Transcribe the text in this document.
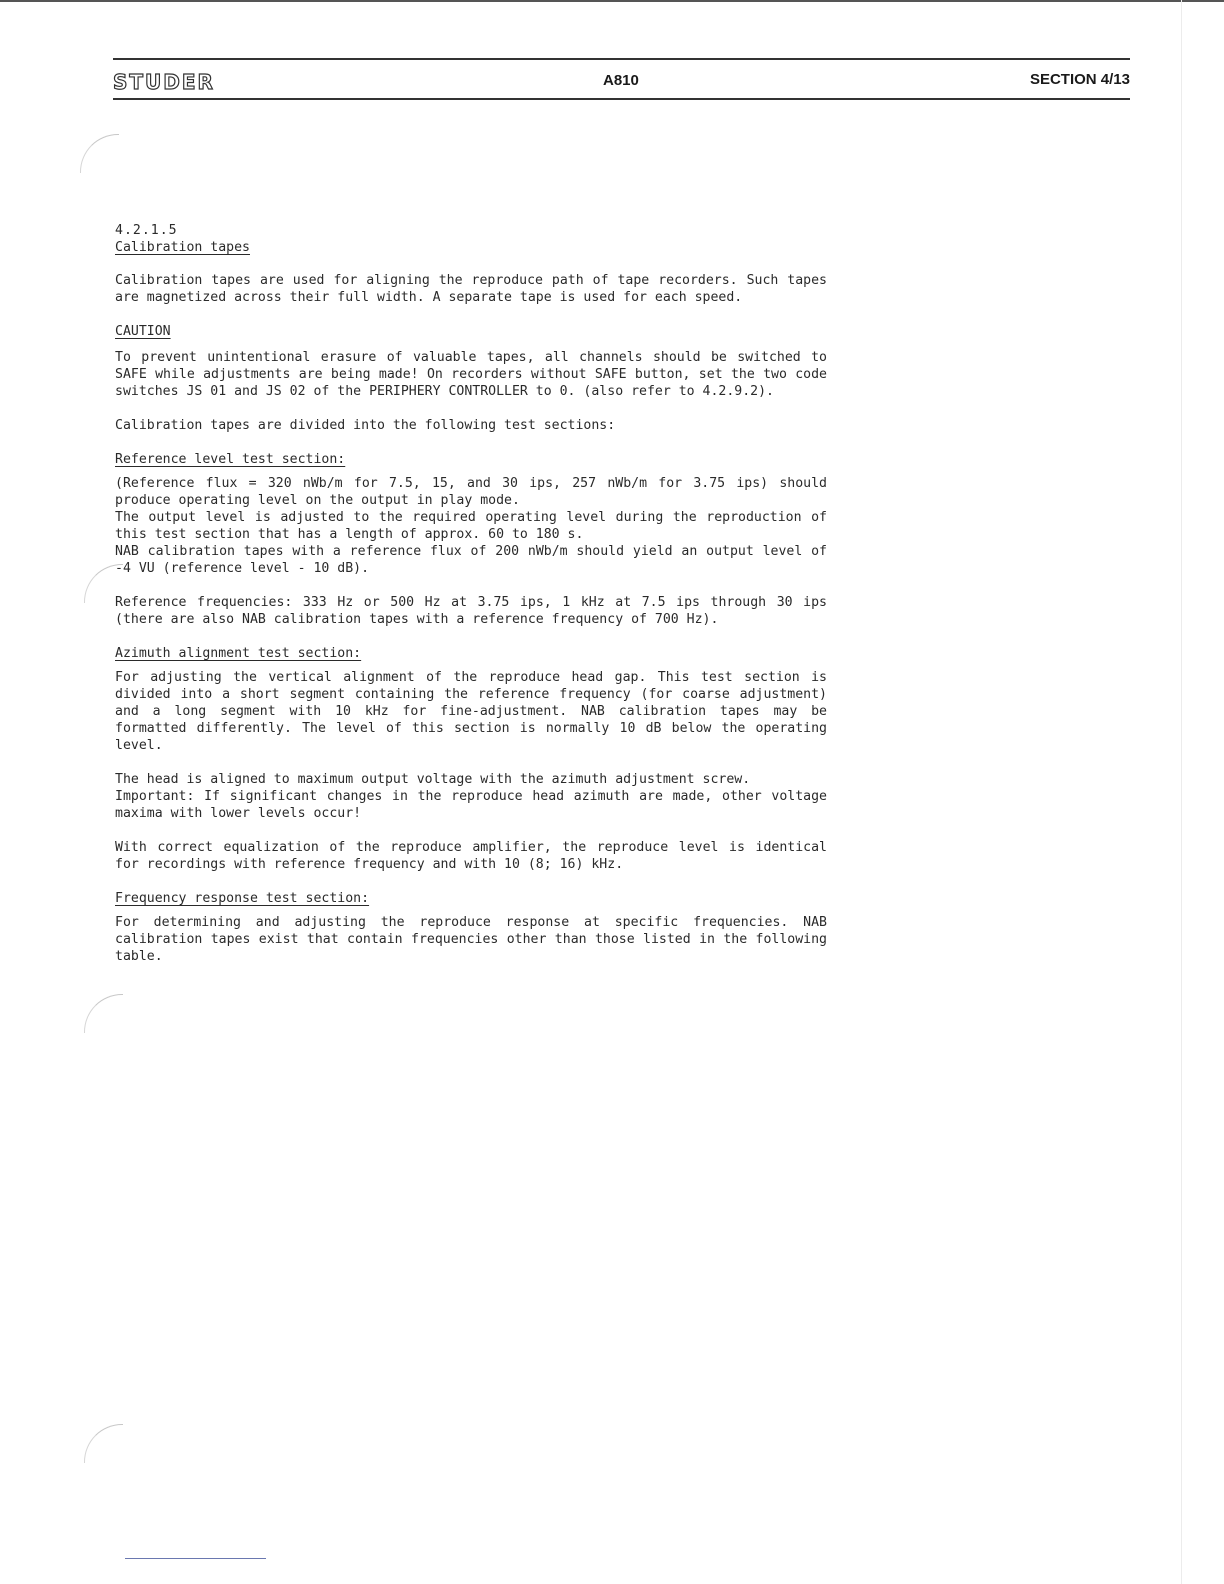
STUDER	A810	SECTION 4/13

4.2.1.5

Calibration tapes

Calibration tapes are used for aligning the reproduce path of tape recorders. Such tapes are magnetized across their full width. A separate tape is used for each speed.

CAUTION

To prevent unintentional erasure of valuable tapes, all channels should be switched to SAFE while adjustments are being made! On recorders without SAFE button, set the two code switches JS 01 and JS 02 of the PERIPHERY CONTROLLER to 0. (also refer to 4.2.9.2).

Calibration tapes are divided into the following test sections:

Reference level test section:

(Reference flux = 320 nWb/m for 7.5, 15, and 30 ips, 257 nWb/m for 3.75 ips) should produce operating level on the output in play mode.

The output level is adjusted to the required operating level during the reproduction of this test section that has a length of approx. 60 to 180 s.

NAB calibration tapes with a reference flux of 200 nWb/m should yield an output level of -4 VU (reference level - 10 dB).

Reference frequencies: 333 Hz or 500 Hz at 3.75 ips, 1 kHz at 7.5 ips through 30 ips (there are also NAB calibration tapes with a reference frequency of 700 Hz).

Azimuth alignment test section:

For adjusting the vertical alignment of the reproduce head gap. This test section is divided into a short segment containing the reference frequency (for coarse adjustment) and a long segment with 10 kHz for fine-adjustment. NAB calibration tapes may be formatted differently. The level of this section is normally 10 dB below the operating level.

The head is aligned to maximum output voltage with the azimuth adjustment screw.

Important: If significant changes in the reproduce head azimuth are made, other voltage maxima with lower levels occur!

With correct equalization of the reproduce amplifier, the reproduce level is identical for recordings with reference frequency and with 10 (8; 16) kHz.

Frequency response test section:

For determining and adjusting the reproduce response at specific frequencies. NAB calibration tapes exist that contain frequencies other than those listed in the following table.
